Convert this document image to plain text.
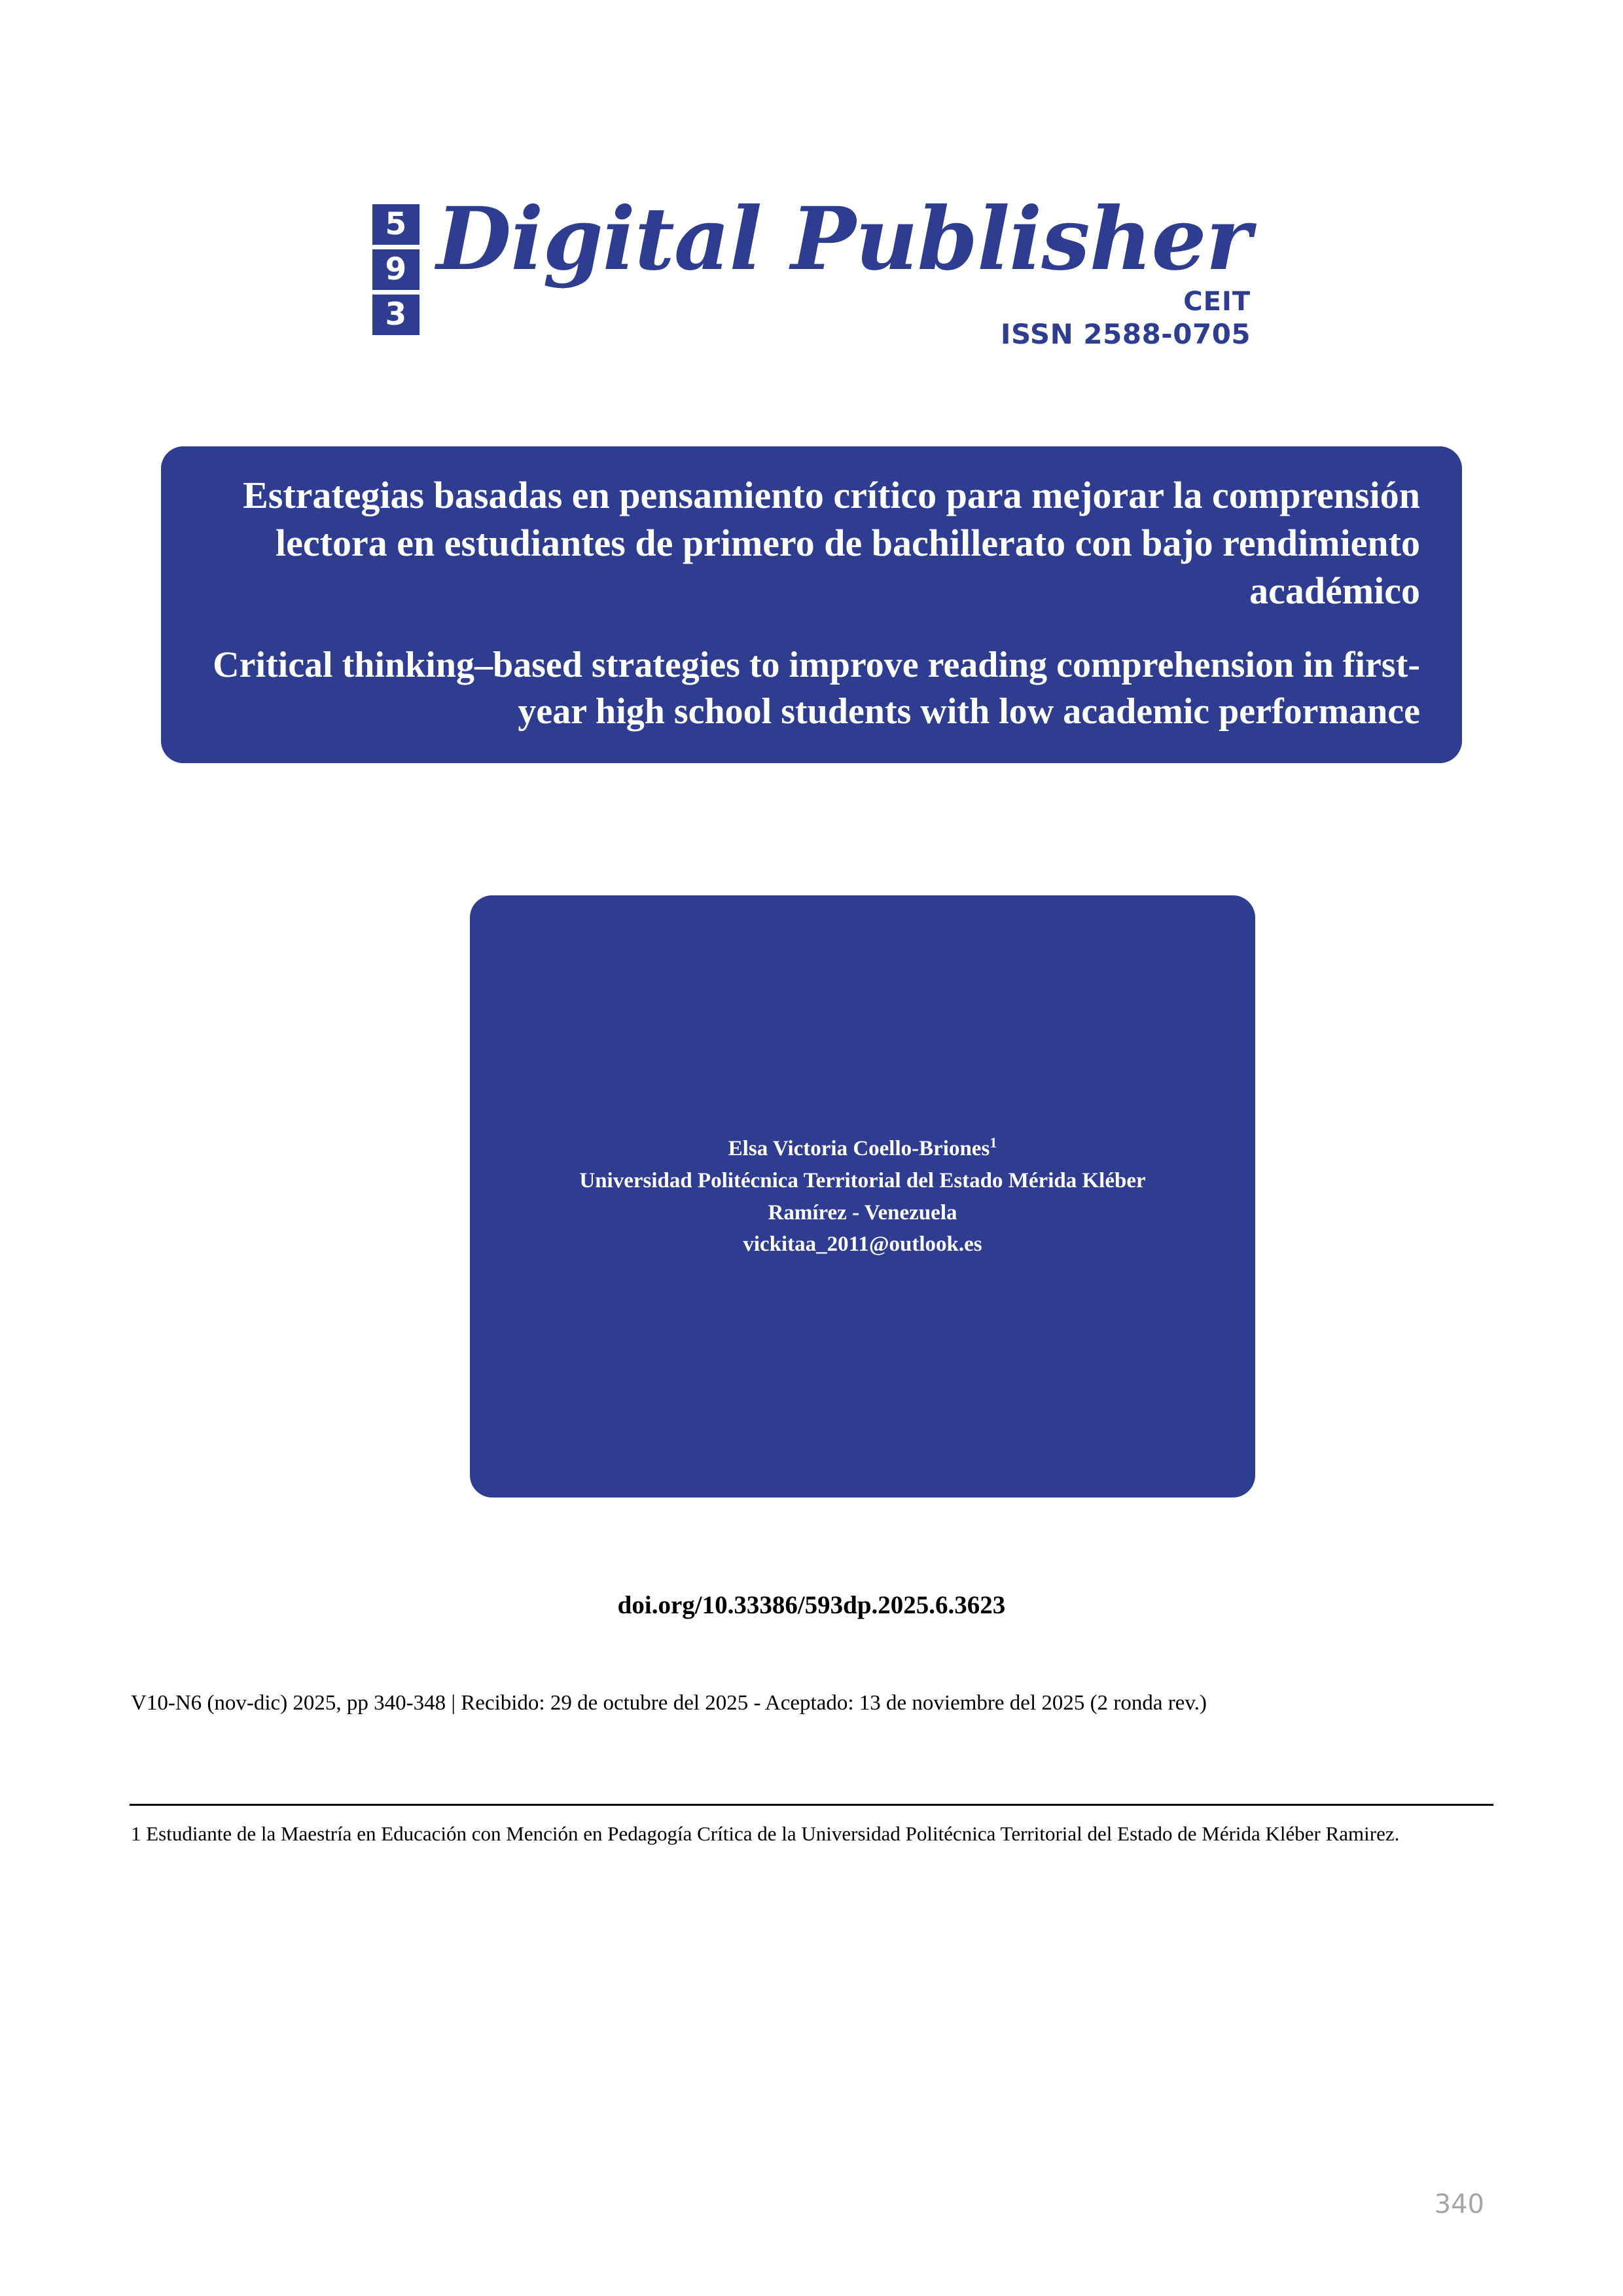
5
9
3
Digital Publisher
CEIT
ISSN 2588-0705
Estrategias basadas en pensamiento crítico para mejorar la comprensión lectora en estudiantes de primero de bachillerato con bajo rendimiento académico
Critical thinking–based strategies to improve reading comprehension in first-year high school students with low academic performance
Elsa Victoria Coello-Briones$^1$
Universidad Politécnica Territorial del Estado Mérida Kléber
Ramírez - Venezuela
vickitaa_2011@outlook.es
doi.org/10.33386/593dp.2025.6.3623
V10-N6 (nov-dic) 2025, pp 340-348 | Recibido: 29 de octubre del 2025 - Aceptado: 13 de noviembre del 2025 (2 ronda rev.)
1 Estudiante de la Maestría en Educación con Mención en Pedagogía Crítica de la Universidad Politécnica Territorial del Estado de Mérida Kléber Ramirez.
340
